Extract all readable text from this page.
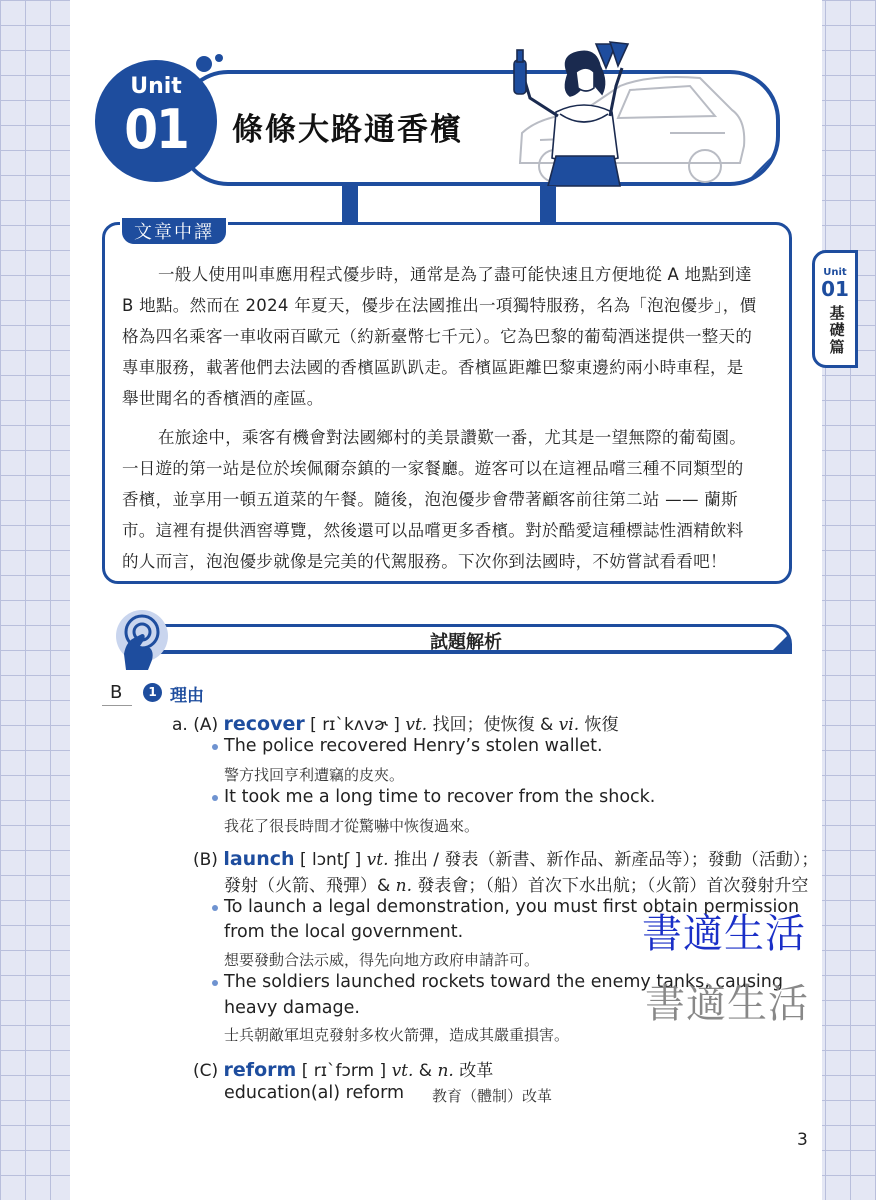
條條大路通香檳
Unit
01
文章中譯
一般人使用叫車應用程式優步時，通常是為了盡可能快速且方便地從 A 地點到達
B 地點。然而在 2024 年夏天，優步在法國推出一項獨特服務，名為「泡泡優步」，價
格為四名乘客一車收兩百歐元（約新臺幣七千元）。它為巴黎的葡萄酒迷提供一整天的
專車服務，載著他們去法國的香檳區趴趴走。香檳區距離巴黎東邊約兩小時車程，是
舉世聞名的香檳酒的產區。
在旅途中，乘客有機會對法國鄉村的美景讚歎一番，尤其是一望無際的葡萄園。
一日遊的第一站是位於埃佩爾奈鎮的一家餐廳。遊客可以在這裡品嚐三種不同類型的
香檳，並享用一頓五道菜的午餐。隨後，泡泡優步會帶著顧客前往第二站 —— 蘭斯
市。這裡有提供酒窖導覽，然後還可以品嚐更多香檳。對於酷愛這種標誌性酒精飲料
的人而言，泡泡優步就像是完美的代駕服務。下次你到法國時，不妨嘗試看看吧！
Unit
01
基礎篇
試題解析
B	1 理由
a. (A) recover [ rɪˋkʌvɚ ] vt. 找回；使恢復 & vi. 恢復
The police recovered Henry’s stolen wallet.
警方找回亨利遭竊的皮夾。
It took me a long time to recover from the shock.
我花了很長時間才從驚嚇中恢復過來。
(B) launch [ lɔntʃ ] vt. 推出 / 發表（新書、新作品、新產品等）；發動（活動）；
發射（火箭、飛彈）& n. 發表會；（船）首次下水出航；（火箭）首次發射升空
To launch a legal demonstration, you must first obtain permission
from the local government.
想要發動合法示威，得先向地方政府申請許可。
The soldiers launched rockets toward the enemy tanks, causing
heavy damage.
士兵朝敵軍坦克發射多枚火箭彈，造成其嚴重損害。
(C) reform [ rɪˋfɔrm ] vt. & n. 改革
education(al) reform 教育（體制）改革
3
書適生活
書適生活
